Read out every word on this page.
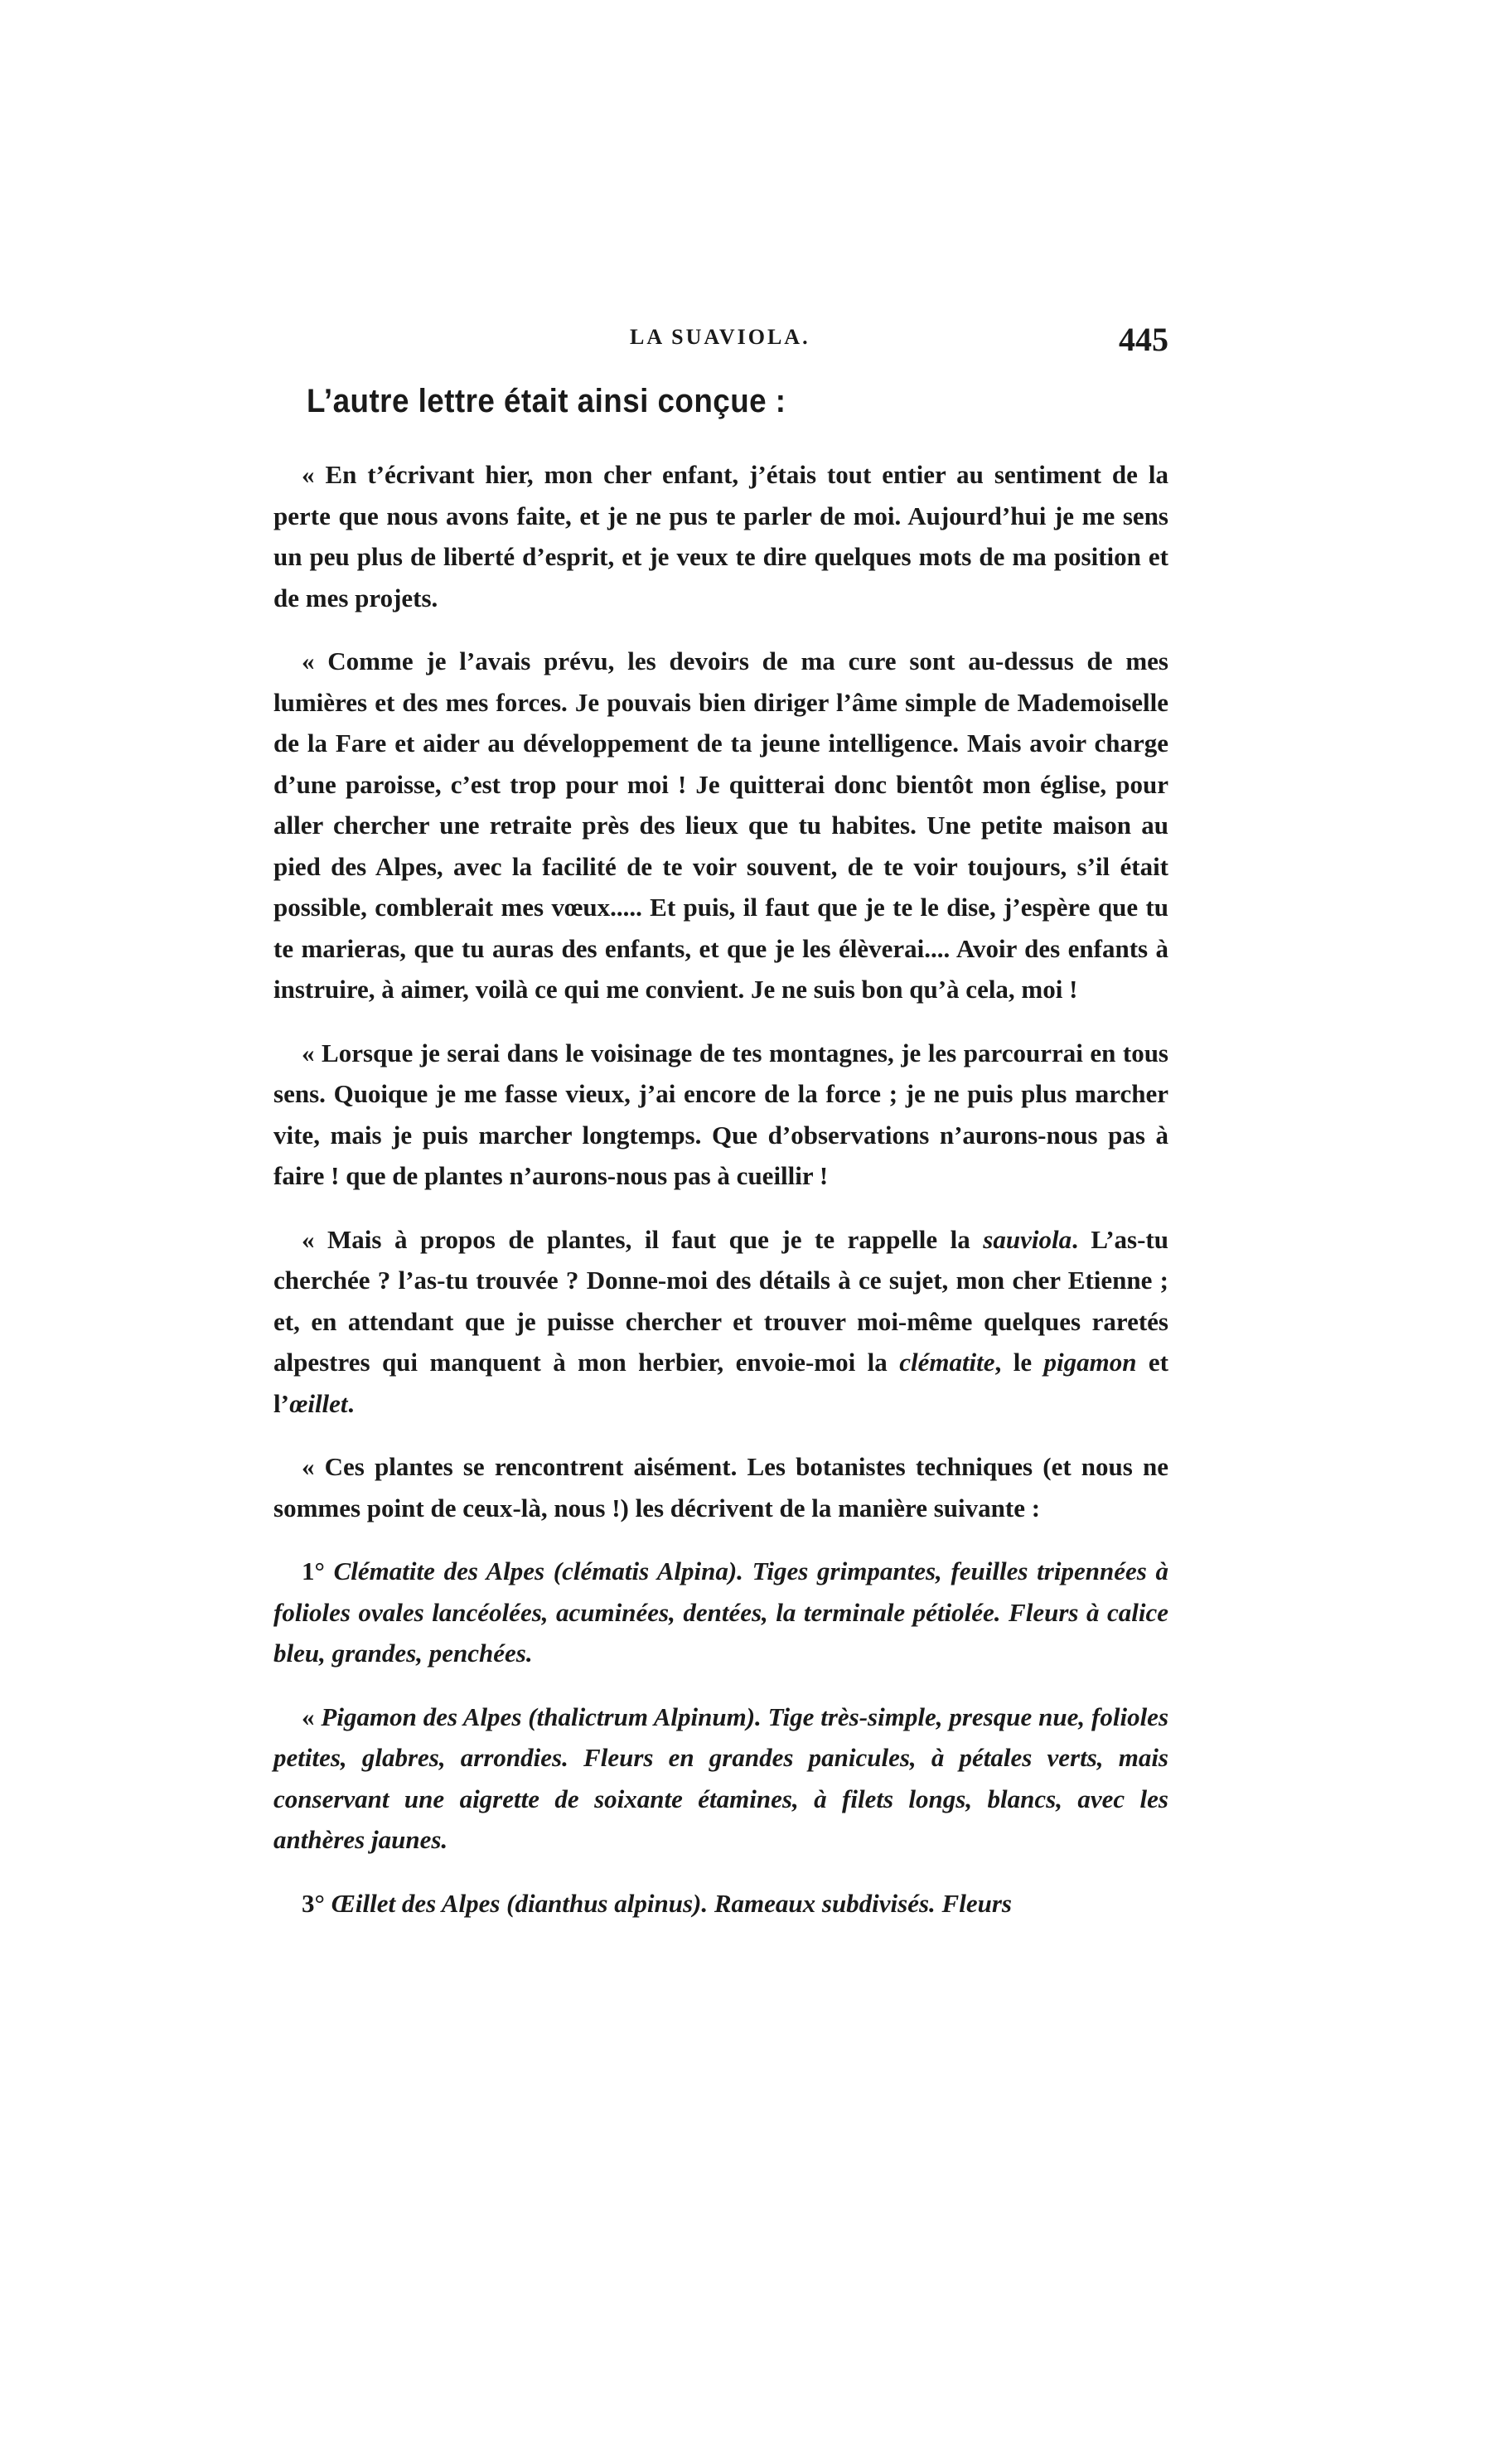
LA SUAVIOLA.	445
L’autre lettre était ainsi conçue :

« En t’écrivant hier, mon cher enfant, j’étais tout entier au sentiment de la perte que nous avons faite, et je ne pus te parler de moi. Aujourd’hui je me sens un peu plus de liberté d’esprit, et je veux te dire quelques mots de ma position et de mes projets.

« Comme je l’avais prévu, les devoirs de ma cure sont au-dessus de mes lumières et des mes forces. Je pouvais bien diriger l’âme simple de Mademoiselle de la Fare et aider au développement de ta jeune intelligence. Mais avoir charge d’une paroisse, c’est trop pour moi ! Je quitterai donc bientôt mon église, pour aller chercher une retraite près des lieux que tu habites. Une petite maison au pied des Alpes, avec la facilité de te voir souvent, de te voir toujours, s’il était possible, comblerait mes vœux..... Et puis, il faut que je te le dise, j’espère que tu te marieras, que tu auras des enfants, et que je les élèverai.... Avoir des enfants à instruire, à aimer, voilà ce qui me convient. Je ne suis bon qu’à cela, moi !

« Lorsque je serai dans le voisinage de tes montagnes, je les parcourrai en tous sens. Quoique je me fasse vieux, j’ai encore de la force ; je ne puis plus marcher vite, mais je puis marcher longtemps. Que d’observations n’aurons-nous pas à faire ! que de plantes n’aurons-nous pas à cueillir !

« Mais à propos de plantes, il faut que je te rappelle la sauviola. L’as-tu cherchée ? l’as-tu trouvée ? Donne-moi des détails à ce sujet, mon cher Etienne ; et, en attendant que je puisse chercher et trouver moi-même quelques raretés alpestres qui manquent à mon herbier, envoie-moi la clématite, le pigamon et l’œillet.

« Ces plantes se rencontrent aisément. Les botanistes techniques (et nous ne sommes point de ceux-là, nous !) les décrivent de la manière suivante :

1° Clématite des Alpes (clématis Alpina). Tiges grimpantes, feuilles tripennées à folioles ovales lancéolées, acuminées, dentées, la terminale pétiolée. Fleurs à calice bleu, grandes, penchées.

« Pigamon des Alpes (thalictrum Alpinum). Tige très-simple, presque nue, folioles petites, glabres, arrondies. Fleurs en grandes panicules, à pétales verts, mais conservant une aigrette de soixante étamines, à filets longs, blancs, avec les anthères jaunes.

3° Œillet des Alpes (dianthus alpinus). Rameaux subdivisés. Fleurs
